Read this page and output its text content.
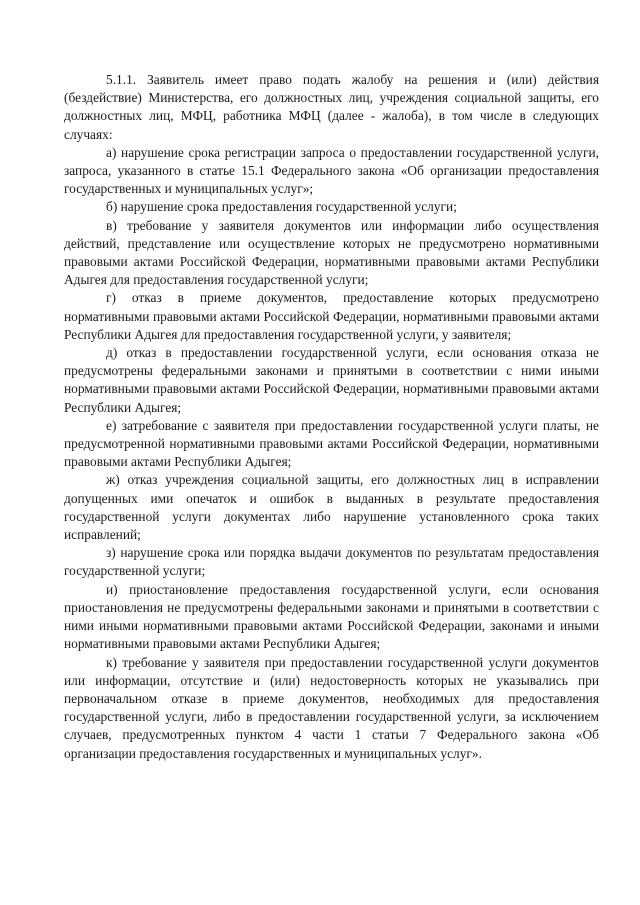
5.1.1. Заявитель имеет право подать жалобу на решения и (или) действия (бездействие) Министерства, его должностных лиц, учреждения социальной защиты, его должностных лиц, МФЦ, работника МФЦ (далее - жалоба), в том числе в следующих случаях:

а) нарушение срока регистрации запроса о предоставлении государственной услуги, запроса, указанного в статье 15.1 Федерального закона «Об организации предоставления государственных и муниципальных услуг»;

б) нарушение срока предоставления государственной услуги;

в) требование у заявителя документов или информации либо осуществления действий, представление или осуществление которых не предусмотрено нормативными правовыми актами Российской Федерации, нормативными правовыми актами Республики Адыгея для предоставления государственной услуги;

г) отказ в приеме документов, предоставление которых предусмотрено нормативными правовыми актами Российской Федерации, нормативными правовыми актами Республики Адыгея для предоставления государственной услуги, у заявителя;

д) отказ в предоставлении государственной услуги, если основания отказа не предусмотрены федеральными законами и принятыми в соответствии с ними иными нормативными правовыми актами Российской Федерации, нормативными правовыми актами Республики Адыгея;

е) затребование с заявителя при предоставлении государственной услуги платы, не предусмотренной нормативными правовыми актами Российской Федерации, нормативными правовыми актами Республики Адыгея;

ж) отказ учреждения социальной защиты, его должностных лиц в исправлении допущенных ими опечаток и ошибок в выданных в результате предоставления государственной услуги документах либо нарушение установленного срока таких исправлений;

з) нарушение срока или порядка выдачи документов по результатам предоставления государственной услуги;

и) приостановление предоставления государственной услуги, если основания приостановления не предусмотрены федеральными законами и принятыми в соответствии с ними иными нормативными правовыми актами Российской Федерации, законами и иными нормативными правовыми актами Республики Адыгея;

к) требование у заявителя при предоставлении государственной услуги документов или информации, отсутствие и (или) недостоверность которых не указывались при первоначальном отказе в приеме документов, необходимых для предоставления государственной услуги, либо в предоставлении государственной услуги, за исключением случаев, предусмотренных пунктом 4 части 1 статьи 7 Федерального закона «Об организации предоставления государственных и муниципальных услуг».
